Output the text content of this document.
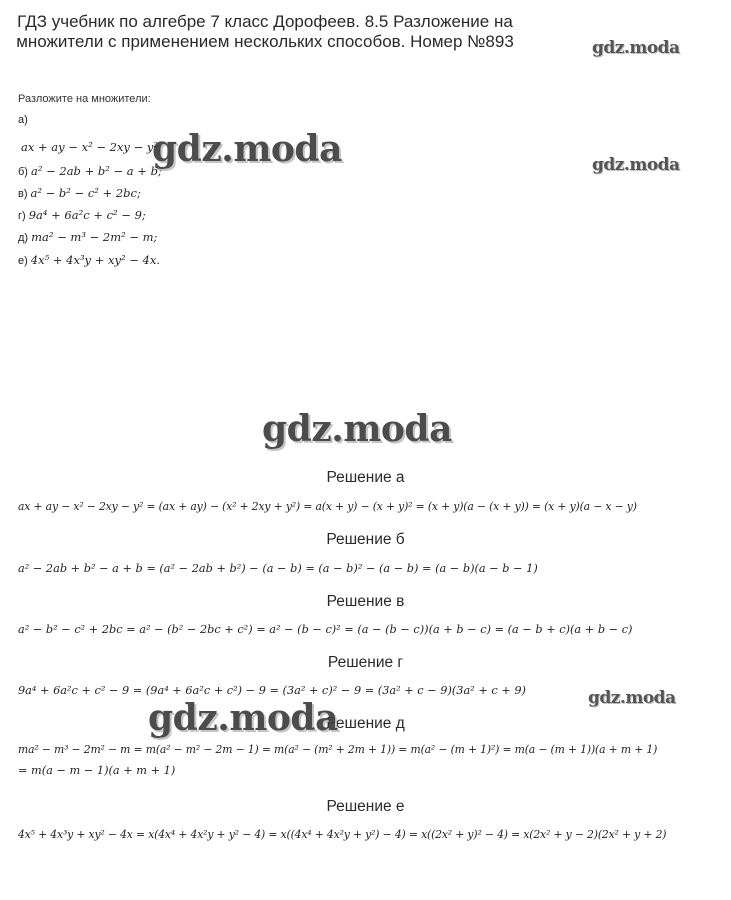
ГДЗ учебник по алгебре 7 класс Дорофеев. 8.5 Разложение на множители с применением нескольких способов. Номер №893
Разложите на множители:
а)
ax + ay − x² − 2xy − y²;
б) a² − 2ab + b² − a + b;
в) a² − b² − c² + 2bc;
г) 9a⁴ + 6a²c + c² − 9;
д) ma² − m³ − 2m² − m;
е) 4x⁵ + 4x³y + xy² − 4x.
Решение а
ax + ay − x² − 2xy − y² = (ax + ay) − (x² + 2xy + y²) = a(x + y) − (x + y)² = (x + y)(a − (x + y)) = (x + y)(a − x − y)
Решение б
a² − 2ab + b² − a + b = (a² − 2ab + b²) − (a − b) = (a − b)² − (a − b) = (a − b)(a − b − 1)
Решение в
a² − b² − c² + 2bc = a² − (b² − 2bc + c²) = a² − (b − c)² = (a − (b − c))(a + b − c) = (a − b + c)(a + b − c)
Решение г
9a⁴ + 6a²c + c² − 9 = (9a⁴ + 6a²c + c²) − 9 = (3a² + c)² − 9 = (3a² + c − 9)(3a² + c + 9)
Решение д
ma² − m³ − 2m² − m = m(a² − m² − 2m − 1) = m(a² − (m² + 2m + 1)) = m(a² − (m + 1)²) = m(a − (m + 1))(a + m + 1)
= m(a − m − 1)(a + m + 1)
Решение е
4x⁵ + 4x³y + xy² − 4x = x(4x⁴ + 4x²y + y² − 4) = x((4x⁴ + 4x²y + y²) − 4) = x((2x² + y)² − 4) = x(2x² + y − 2)(2x² + y + 2)
gdz.moda
gdz.moda	gdz.moda
gdz.moda
gdz.moda
gdz.moda
